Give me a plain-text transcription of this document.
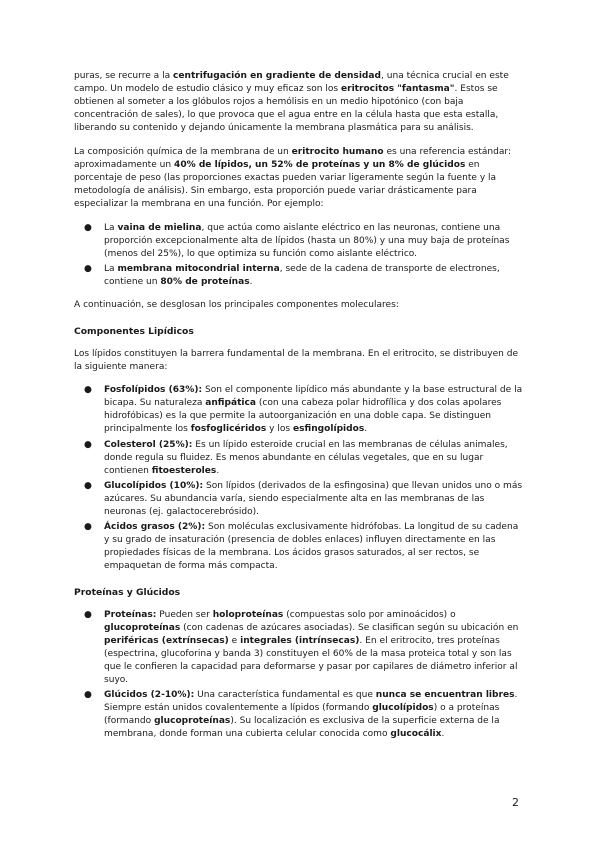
puras, se recurre a la centrifugación en gradiente de densidad, una técnica crucial en este campo. Un modelo de estudio clásico y muy eficaz son los eritrocitos "fantasma". Estos se obtienen al someter a los glóbulos rojos a hemólisis en un medio hipotónico (con baja concentración de sales), lo que provoca que el agua entre en la célula hasta que esta estalla, liberando su contenido y dejando únicamente la membrana plasmática para su análisis.

La composición química de la membrana de un eritrocito humano es una referencia estándar: aproximadamente un 40% de lípidos, un 52% de proteínas y un 8% de glúcidos en porcentaje de peso (las proporciones exactas pueden variar ligeramente según la fuente y la metodología de análisis). Sin embargo, esta proporción puede variar drásticamente para especializar la membrana en una función. Por ejemplo:

● La vaina de mielina, que actúa como aislante eléctrico en las neuronas, contiene una proporción excepcionalmente alta de lípidos (hasta un 80%) y una muy baja de proteínas (menos del 25%), lo que optimiza su función como aislante eléctrico.
● La membrana mitocondrial interna, sede de la cadena de transporte de electrones, contiene un 80% de proteínas.

A continuación, se desglosan los principales componentes moleculares:

Componentes Lipídicos

Los lípidos constituyen la barrera fundamental de la membrana. En el eritrocito, se distribuyen de la siguiente manera:

● Fosfolípidos (63%): Son el componente lipídico más abundante y la base estructural de la bicapa. Su naturaleza anfipática (con una cabeza polar hidrofílica y dos colas apolares hidrofóbicas) es la que permite la autoorganización en una doble capa. Se distinguen principalmente los fosfoglicéridos y los esfingolípidos.
● Colesterol (25%): Es un lípido esteroide crucial en las membranas de células animales, donde regula su fluidez. Es menos abundante en células vegetales, que en su lugar contienen fitoesteroles.
● Glucolípidos (10%): Son lípidos (derivados de la esfingosina) que llevan unidos uno o más azúcares. Su abundancia varía, siendo especialmente alta en las membranas de las neuronas (ej. galactocerebrósido).
● Ácidos grasos (2%): Son moléculas exclusivamente hidrófobas. La longitud de su cadena y su grado de insaturación (presencia de dobles enlaces) influyen directamente en las propiedades físicas de la membrana. Los ácidos grasos saturados, al ser rectos, se empaquetan de forma más compacta.
Proteínas y Glúcidos
● Proteínas: Pueden ser holoproteínas (compuestas solo por aminoácidos) o glucoproteínas (con cadenas de azúcares asociadas). Se clasifican según su ubicación en periféricas (extrínsecas) e integrales (intrínsecas). En el eritrocito, tres proteínas (espectrina, glucoforina y banda 3) constituyen el 60% de la masa proteica total y son las que le confieren la capacidad para deformarse y pasar por capilares de diámetro inferior al suyo.
● Glúcidos (2-10%): Una característica fundamental es que nunca se encuentran libres. Siempre están unidos covalentemente a lípidos (formando glucolípidos) o a proteínas (formando glucoproteínas). Su localización es exclusiva de la superficie externa de la membrana, donde forman una cubierta celular conocida como glucocálix.
2
